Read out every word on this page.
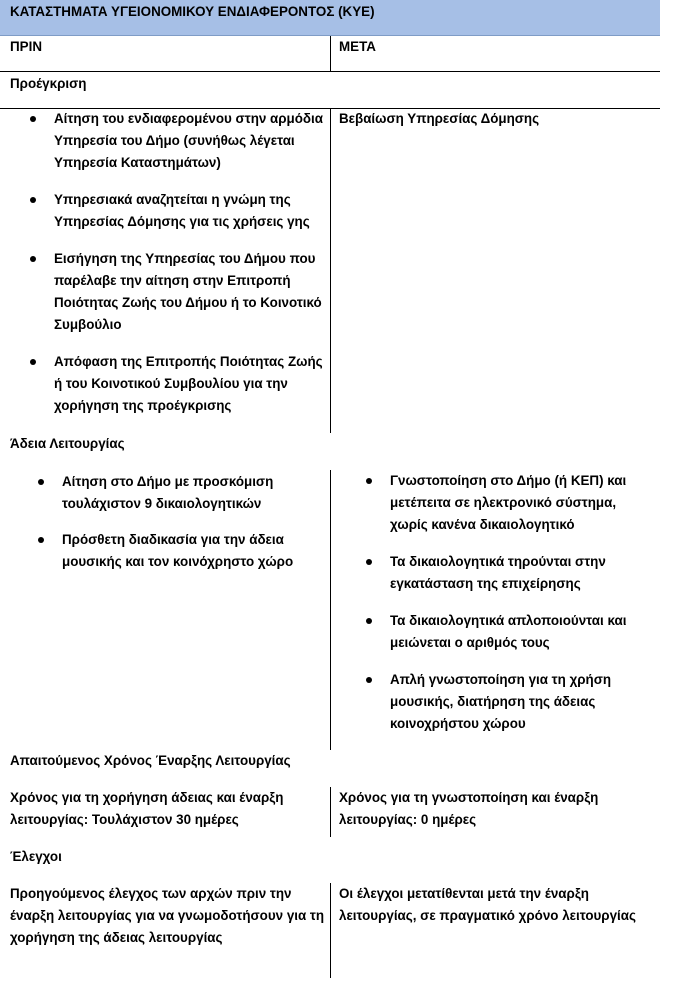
ΚΑΤΑΣΤΗΜΑΤΑ ΥΓΕΙΟΝΟΜΙΚΟΥ ΕΝΔΙΑΦΕΡΟΝΤΟΣ (ΚΥΕ)
ΠΡΙΝ	ΜΕΤΑ
Προέγκριση
Αίτηση του ενδιαφερομένου στην αρμόδια Υπηρεσία του Δήμο (συνήθως λέγεται Υπηρεσία Καταστημάτων)
Υπηρεσιακά αναζητείται η γνώμη της Υπηρεσίας Δόμησης για τις χρήσεις γης
Εισήγηση της Υπηρεσίας του Δήμου που παρέλαβε την αίτηση στην Επιτροπή Ποιότητας Ζωής του Δήμου ή το Κοινοτικό Συμβούλιο
Απόφαση της Επιτροπής Ποιότητας Ζωής ή του Κοινοτικού Συμβουλίου για την χορήγηση της προέγκρισης
Βεβαίωση Υπηρεσίας Δόμησης
Άδεια Λειτουργίας
Αίτηση στο Δήμο με προσκόμιση τουλάχιστον 9 δικαιολογητικών
Πρόσθετη διαδικασία για την άδεια μουσικής και τον κοινόχρηστο χώρο
Γνωστοποίηση στο Δήμο (ή ΚΕΠ) και μετέπειτα σε ηλεκτρονικό σύστημα, χωρίς κανένα δικαιολογητικό
Τα δικαιολογητικά τηρούνται στην εγκατάσταση της επιχείρησης
Τα δικαιολογητικά απλοποιούνται και μειώνεται ο αριθμός τους
Απλή γνωστοποίηση για τη χρήση μουσικής, διατήρηση της άδειας κοινοχρήστου χώρου
Απαιτούμενος Χρόνος Έναρξης Λειτουργίας
Χρόνος για τη χορήγηση άδειας και έναρξη λειτουργίας: Τουλάχιστον 30 ημέρες
Χρόνος για τη γνωστοποίηση και έναρξη λειτουργίας: 0 ημέρες
Έλεγχοι
Προηγούμενος έλεγχος των αρχών πριν την έναρξη λειτουργίας για να γνωμοδοτήσουν για τη χορήγηση της άδειας λειτουργίας
Οι έλεγχοι μετατίθενται μετά την έναρξη λειτουργίας, σε πραγματικό χρόνο λειτουργίας
